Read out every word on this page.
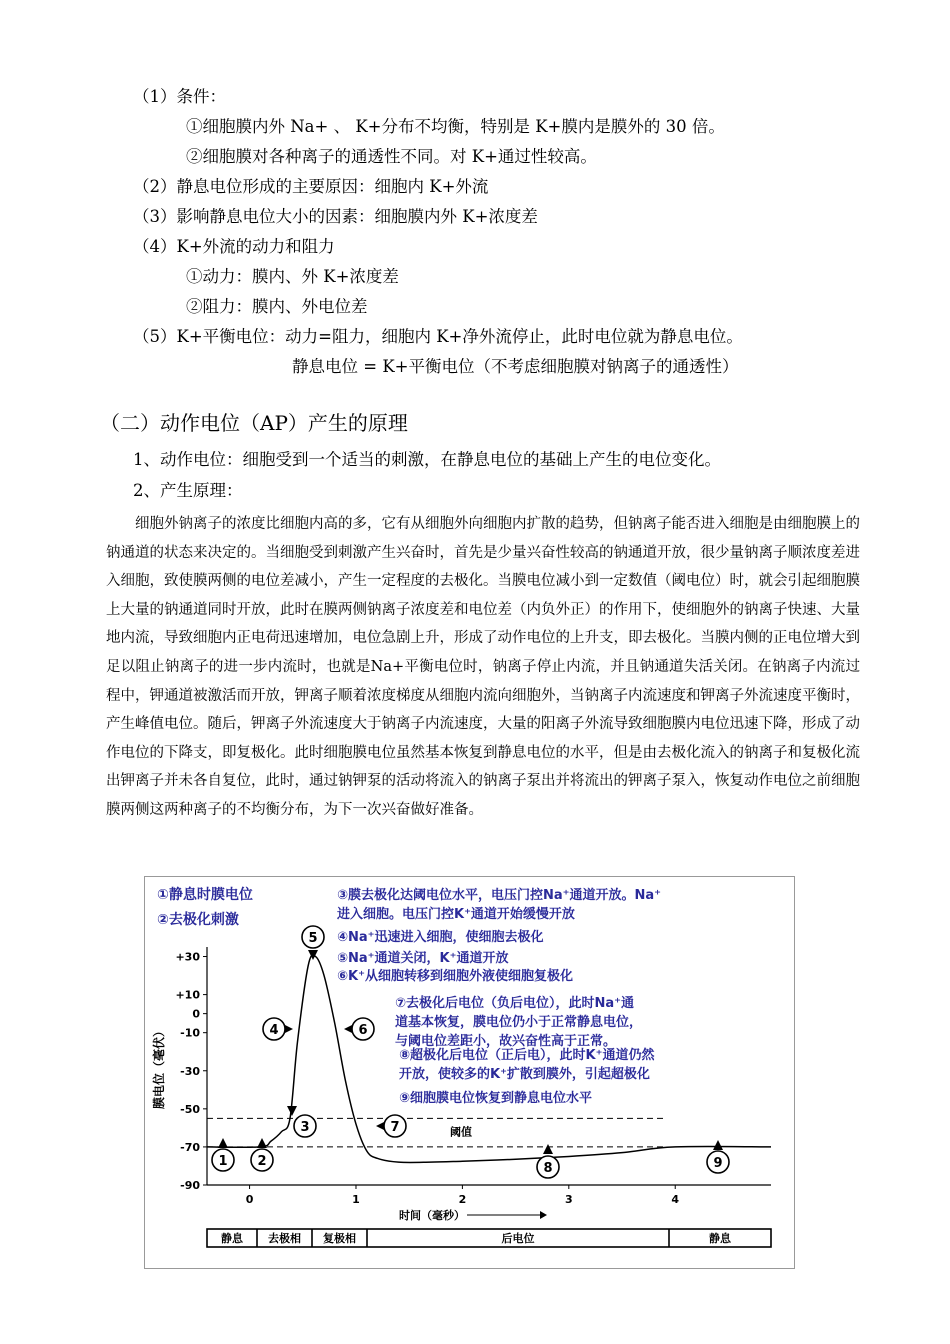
（1）条件：
①细胞膜内外 Na+ 、 K+分布不均衡，特别是 K+膜内是膜外的 30 倍。
②细胞膜对各种离子的通透性不同。对 K+通过性较高。
（2）静息电位形成的主要原因：细胞内 K+外流
（3）影响静息电位大小的因素：细胞膜内外 K+浓度差
（4）K+外流的动力和阻力
①动力：膜内、外 K+浓度差
②阻力：膜内、外电位差
（5）K+平衡电位：动力=阻力，细胞内 K+净外流停止，此时电位就为静息电位。
静息电位 = K+平衡电位（不考虑细胞膜对钠离子的通透性）
（二）动作电位（AP）产生的原理
1、动作电位：细胞受到一个适当的刺激，在静息电位的基础上产生的电位变化。
2、产生原理：
细胞外钠离子的浓度比细胞内高的多，它有从细胞外向细胞内扩散的趋势，但钠离子能否进入细胞是由细胞膜上的钠通道的状态来决定的。当细胞受到刺激产生兴奋时，首先是少量兴奋性较高的钠通道开放，很少量钠离子顺浓度差进入细胞，致使膜两侧的电位差减小，产生一定程度的去极化。当膜电位减小到一定数值（阈电位）时，就会引起细胞膜上大量的钠通道同时开放，此时在膜两侧钠离子浓度差和电位差（内负外正）的作用下，使细胞外的钠离子快速、大量地内流，导致细胞内正电荷迅速增加，电位急剧上升，形成了动作电位的上升支，即去极化。当膜内侧的正电位增大到足以阻止钠离子的进一步内流时，也就是Na+平衡电位时，钠离子停止内流，并且钠通道失活关闭。在钠离子内流过程中，钾通道被激活而开放，钾离子顺着浓度梯度从细胞内流向细胞外，当钠离子内流速度和钾离子外流速度平衡时，产生峰值电位。随后，钾离子外流速度大于钠离子内流速度，大量的阳离子外流导致细胞膜内电位迅速下降，形成了动作电位的下降支，即复极化。此时细胞膜电位虽然基本恢复到静息电位的水平，但是由去极化流入的钠离子和复极化流出钾离子并未各自复位，此时，通过钠钾泵的活动将流入的钠离子泵出并将流出的钾离子泵入，恢复动作电位之前细胞膜两侧这两种离子的不均衡分布，为下一次兴奋做好准备。
①静息时膜电位
②去极化刺激
③膜去极化达阈电位水平，电压门控Na⁺通道开放。Na⁺
进入细胞。电压门控K⁺通道开始缓慢开放
④Na⁺迅速进入细胞，使细胞去极化
⑤Na⁺通道关闭，K⁺通道开放
⑥K⁺从细胞转移到细胞外液使细胞复极化
⑦去极化后电位（负后电位），此时Na⁺通
道基本恢复，膜电位仍小于正常静息电位，
与阈电位差距小，故兴奋性高于正常。
⑧超极化后电位（正后电），此时K⁺通道仍然
开放，使较多的K⁺扩散到膜外，引起超极化
⑨细胞膜电位恢复到静息电位水平
膜电位（毫伏）
时间（毫秒）
+30
+10
0
-10
-30
-50
-70
-90
0	1	2	3	4
阈值
1 2
3
4
5
6
7
8	9
静息 去极相 复极相	后电位	静息
